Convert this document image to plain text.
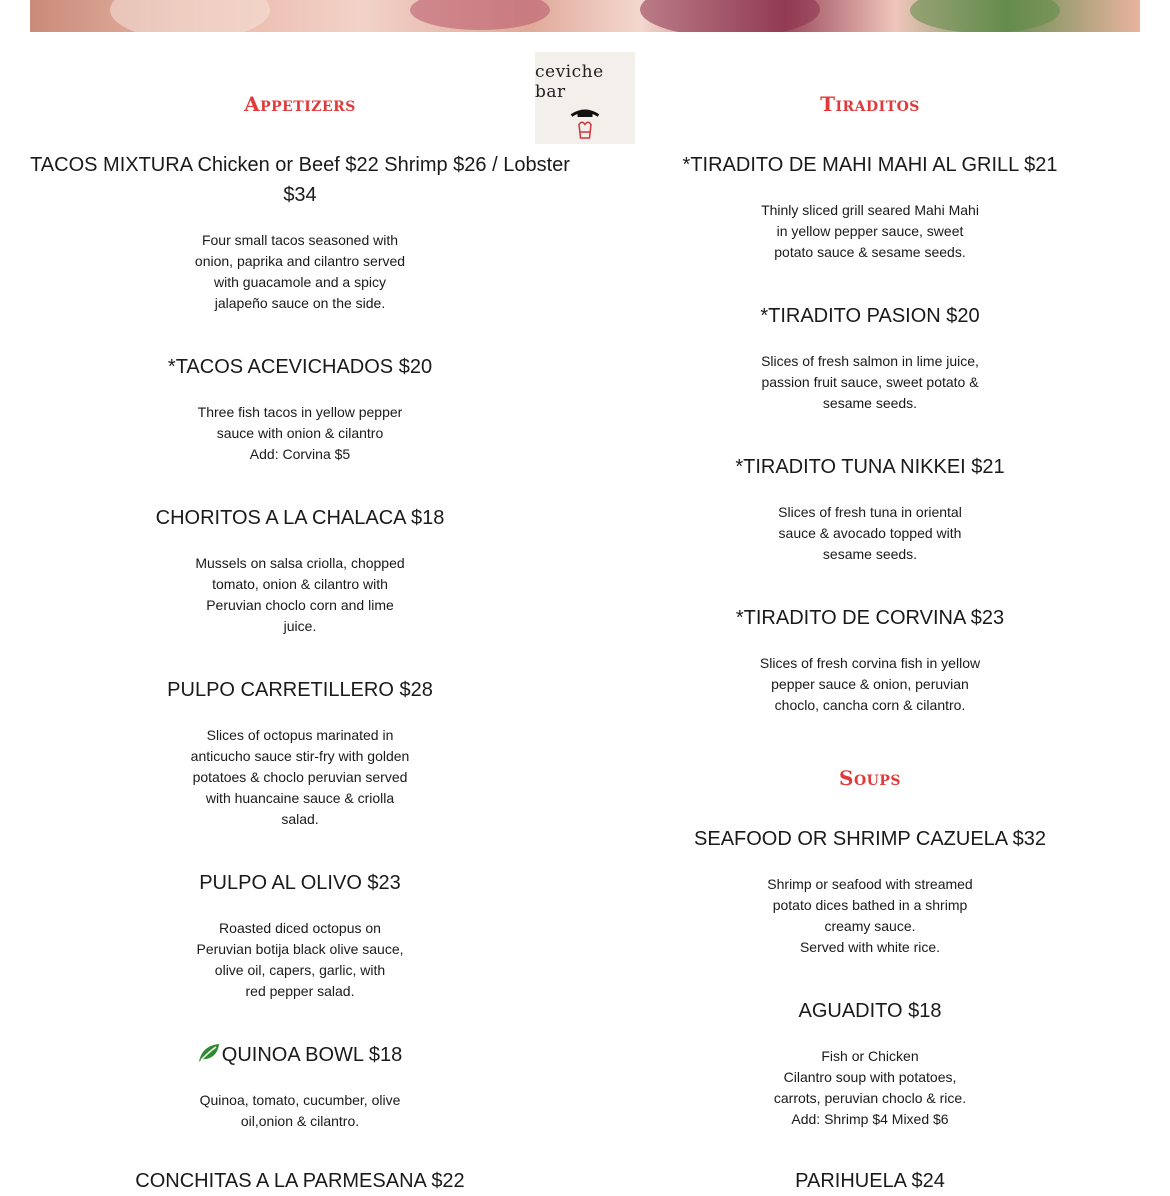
ceviche bar
Appetizers
TACOS MIXTURA Chicken or Beef $22 Shrimp $26 / Lobster $34
Four small tacos seasoned with
onion, paprika and cilantro served
with guacamole and a spicy
jalapeño sauce on the side.
*TACOS ACEVICHADOS $20
Three fish tacos in yellow pepper
sauce with onion & cilantro
Add: Corvina $5
CHORITOS A LA CHALACA $18
Mussels on salsa criolla, chopped
tomato, onion & cilantro with
Peruvian choclo corn and lime
juice.
PULPO CARRETILLERO $28
Slices of octopus marinated in
anticucho sauce stir-fry with golden
potatoes & choclo peruvian served
with huancaine sauce & criolla
salad.
PULPO AL OLIVO $23
Roasted diced octopus on
Peruvian botija black olive sauce,
olive oil, capers, garlic, with
red pepper salad.
QUINOA BOWL $18
Quinoa, tomato, cucumber, olive
oil,onion & cilantro.
CONCHITAS A LA PARMESANA $22
Tiraditos
*TIRADITO DE MAHI MAHI AL GRILL $21
Thinly sliced grill seared Mahi Mahi
in yellow pepper sauce, sweet
potato sauce & sesame seeds.
*TIRADITO PASION $20
Slices of fresh salmon in lime juice,
passion fruit sauce, sweet potato &
sesame seeds.
*TIRADITO TUNA NIKKEI $21
Slices of fresh tuna in oriental
sauce & avocado topped with
sesame seeds.
*TIRADITO DE CORVINA $23
Slices of fresh corvina fish in yellow
pepper sauce & onion, peruvian
choclo, cancha corn & cilantro.
Soups
SEAFOOD OR SHRIMP CAZUELA $32
Shrimp or seafood with streamed
potato dices bathed in a shrimp
creamy sauce.
Served with white rice.
AGUADITO $18
Fish or Chicken
Cilantro soup with potatoes,
carrots, peruvian choclo & rice.
Add: Shrimp $4 Mixed $6
PARIHUELA $24
